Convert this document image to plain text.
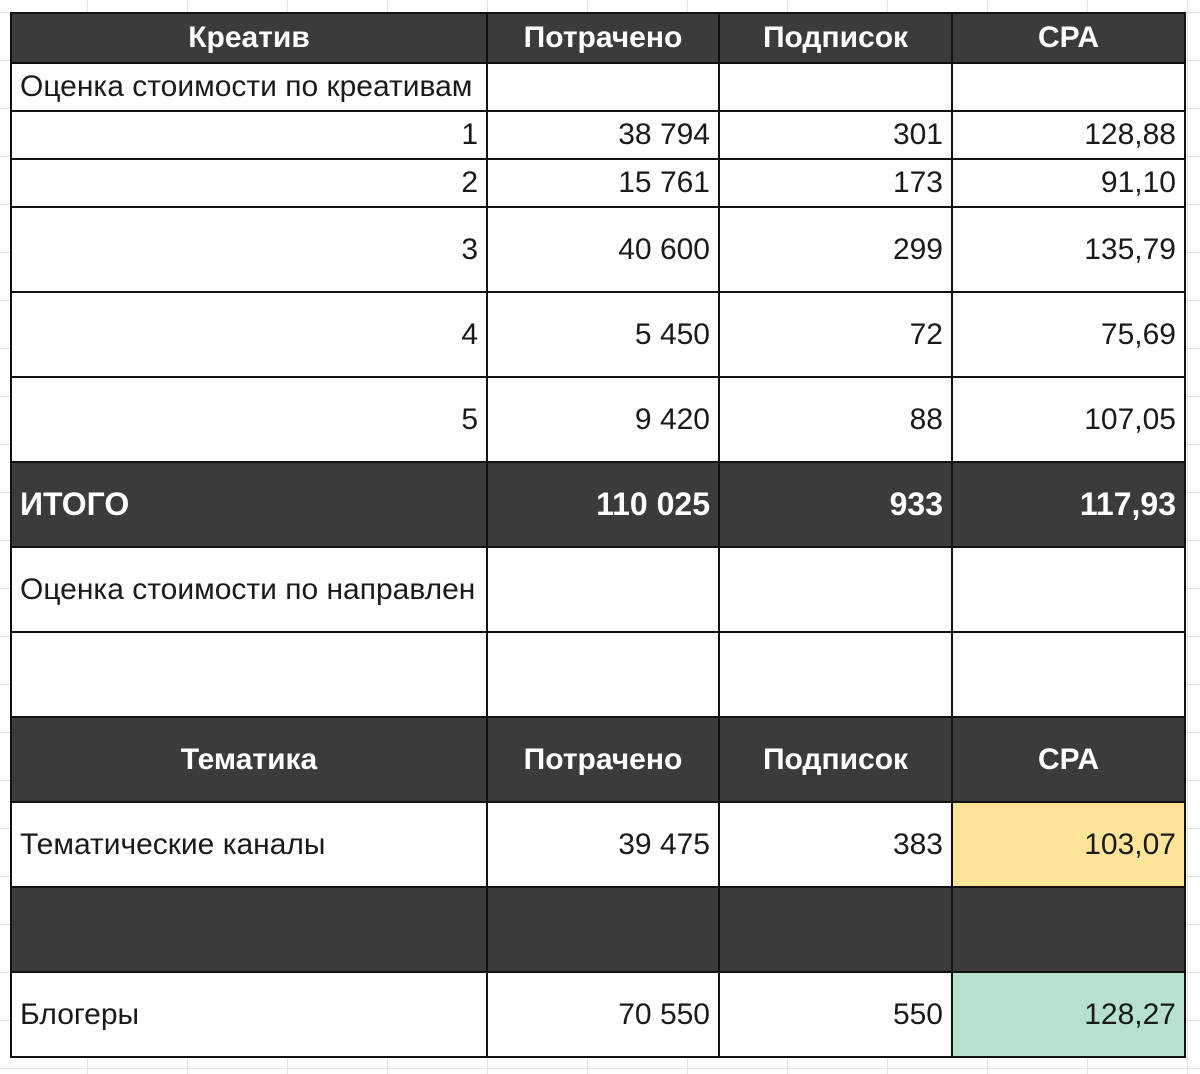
Креатив	Потрачено	Подписок	CPA
Оценка стоимости по креативам			
1	38 794	301	128,88
2	15 761	173	91,10
3	40 600	299	135,79
4	5 450	72	75,69
5	9 420	88	107,05
ИТОГО	110 025	933	117,93
Оценка стоимости по направлен			

Тематика	Потрачено	Подписок	CPA
Тематические каналы	39 475	383	103,07

Блогеры	70 550	550	128,27
